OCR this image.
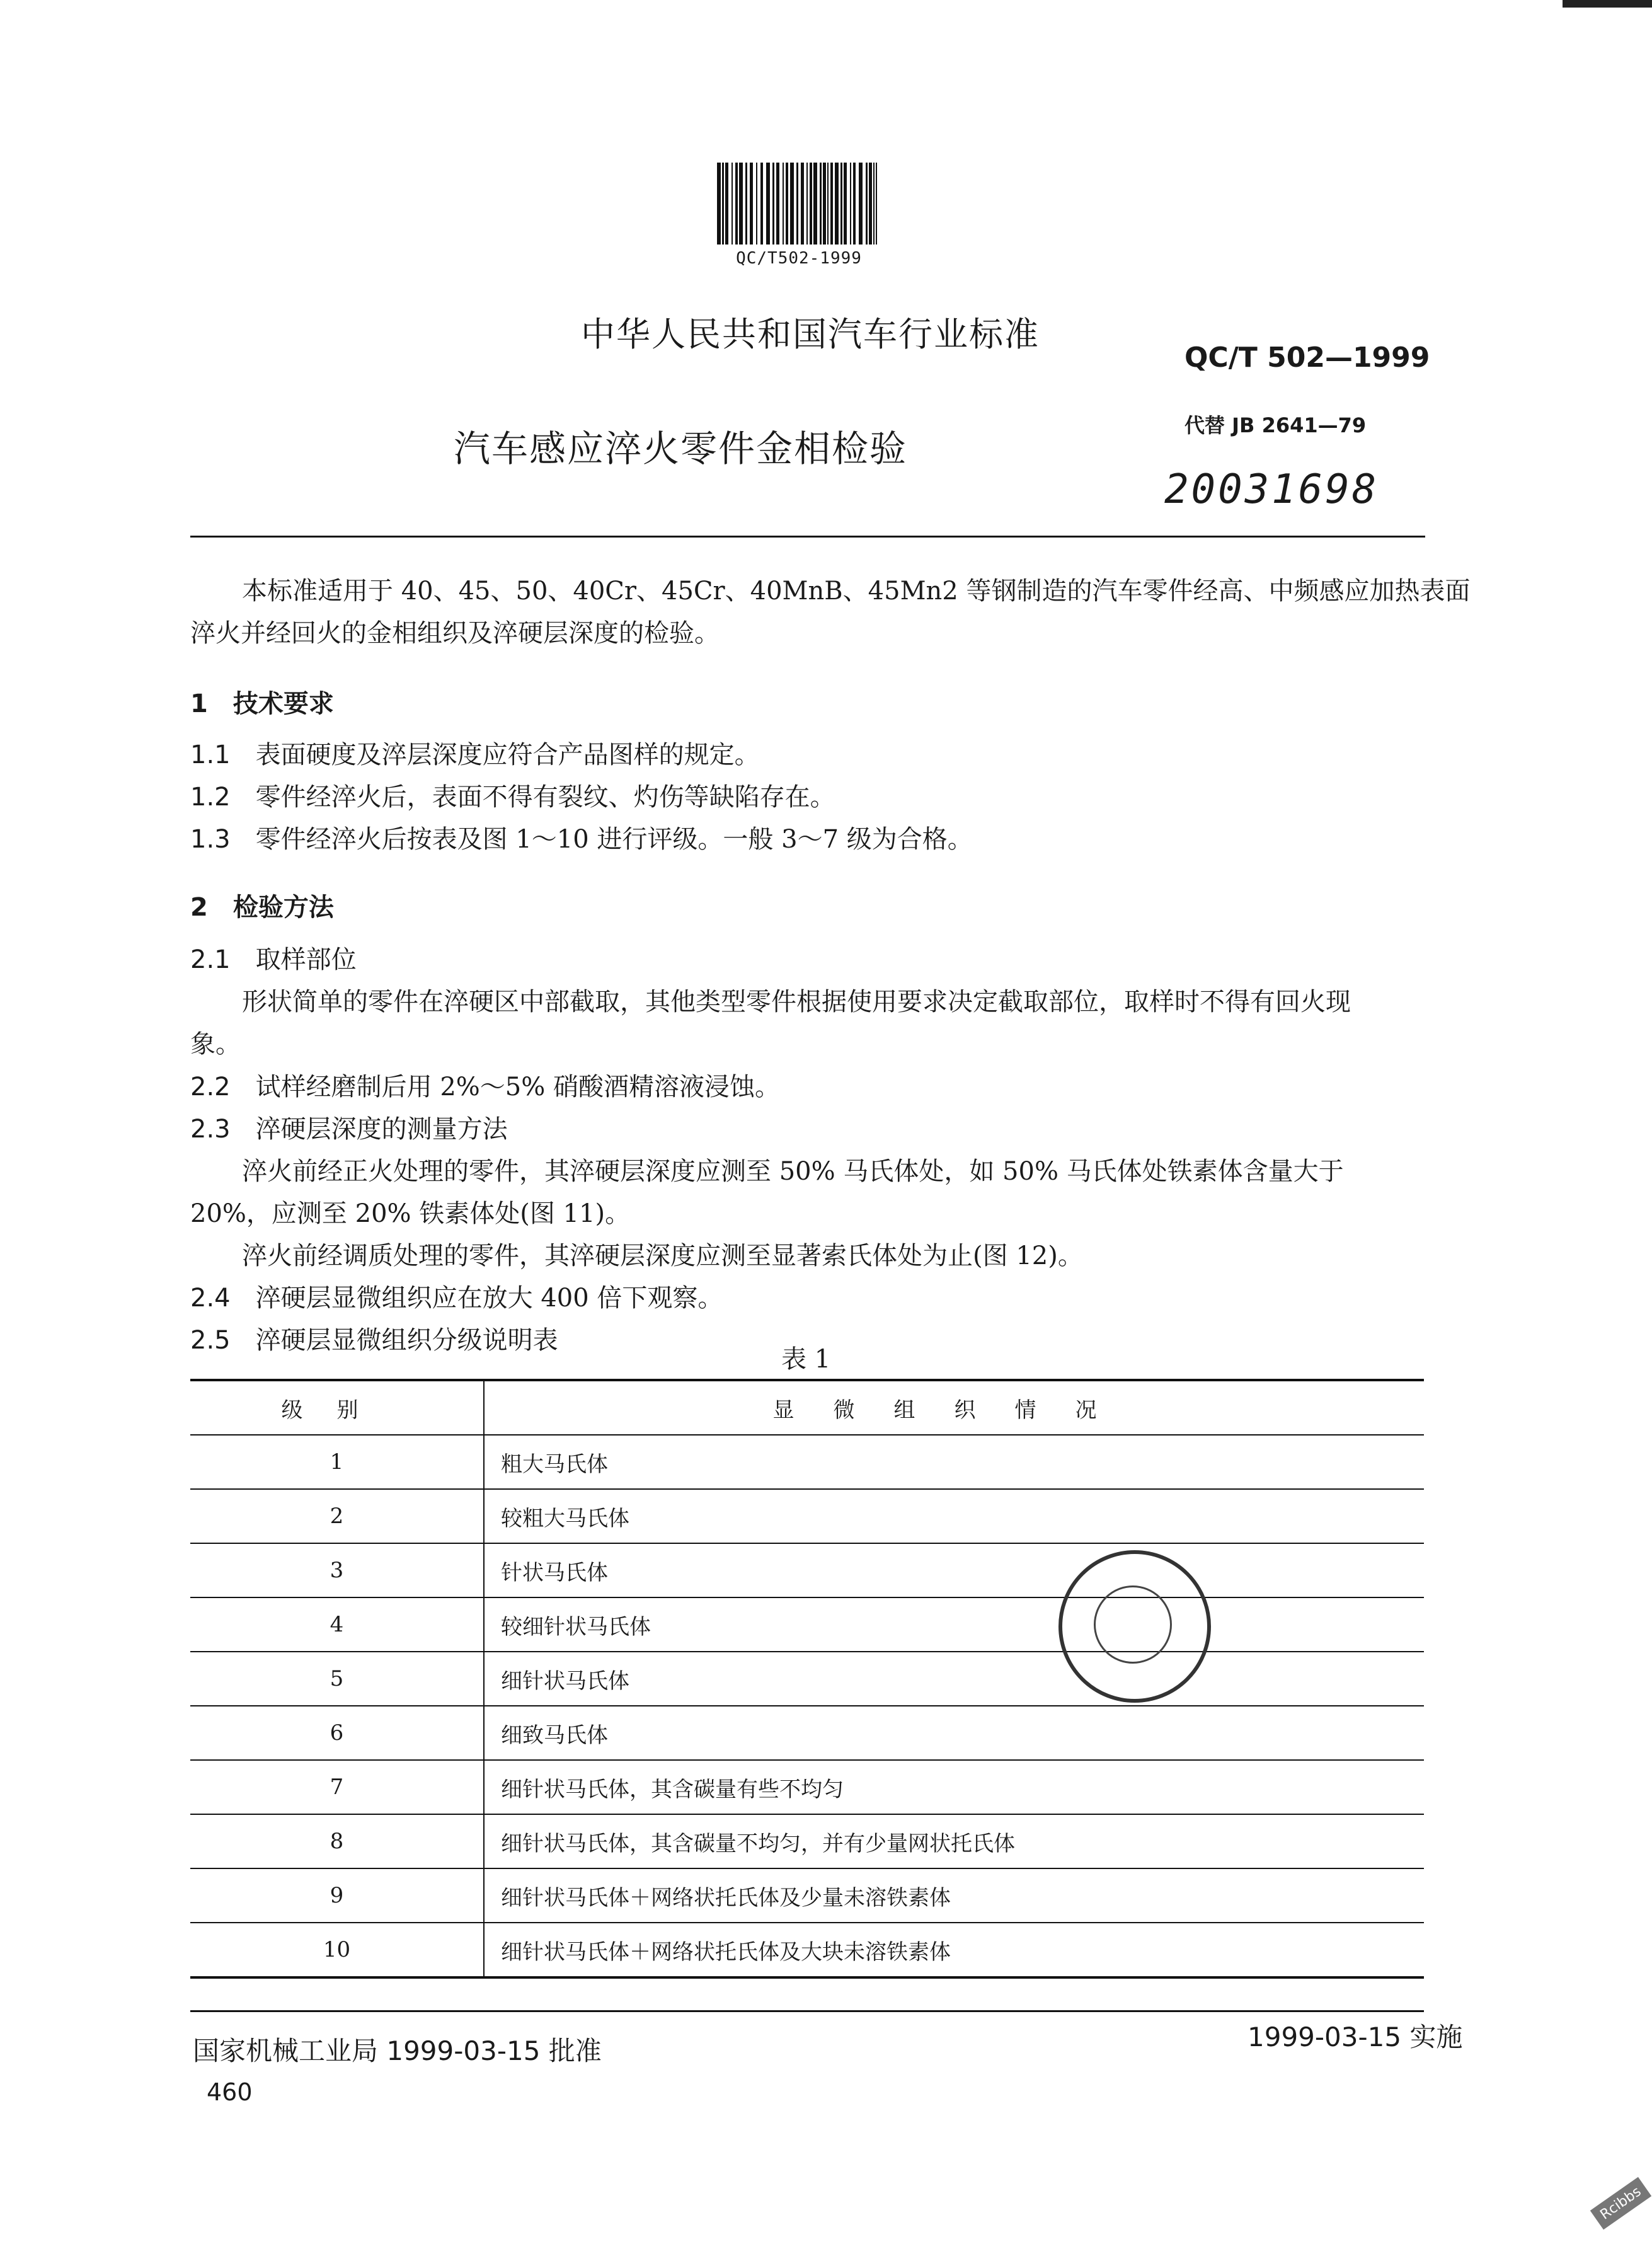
QC/T502-1999
中华人民共和国汽车行业标准
QC/T 502—1999
汽车感应淬火零件金相检验
代替 JB 2641—79
20031698
本标准适用于 40、45、50、40Cr、45Cr、40MnB、45Mn2 等钢制造的汽车零件经高、中频感应加热表面
淬火并经回火的金相组织及淬硬层深度的检验。
1　技术要求
1.1　 表面硬度及淬层深度应符合产品图样的规定。
1.2　 零件经淬火后，表面不得有裂纹、灼伤等缺陷存在。
1.3　 零件经淬火后按表及图 1～10 进行评级。一般 3～7 级为合格。
2　检验方法
2.1　 取样部位
形状简单的零件在淬硬区中部截取，其他类型零件根据使用要求决定截取部位，取样时不得有回火现
象。
2.2　 试样经磨制后用 2%～5% 硝酸酒精溶液浸蚀。
2.3　 淬硬层深度的测量方法
淬火前经正火处理的零件，其淬硬层深度应测至 50% 马氏体处，如 50% 马氏体处铁素体含量大于
20%，应测至 20% 铁素体处(图 11)。
淬火前经调质处理的零件，其淬硬层深度应测至显著索氏体处为止(图 12)。
2.4　 淬硬层显微组织应在放大 400 倍下观察。
2.5　 淬硬层显微组织分级说明表
表 1
级别	显微组织情况
1	粗大马氏体
2	较粗大马氏体
3	针状马氏体
4	较细针状马氏体
5	细针状马氏体
6	细致马氏体
7	细针状马氏体，其含碳量有些不均匀
8	细针状马氏体，其含碳量不均匀，并有少量网状托氏体
9	细针状马氏体＋网络状托氏体及少量未溶铁素体
10	细针状马氏体＋网络状托氏体及大块未溶铁素体
国家机械工业局 1999-03-15 批准	1999-03-15 实施
460
Rcibbs
